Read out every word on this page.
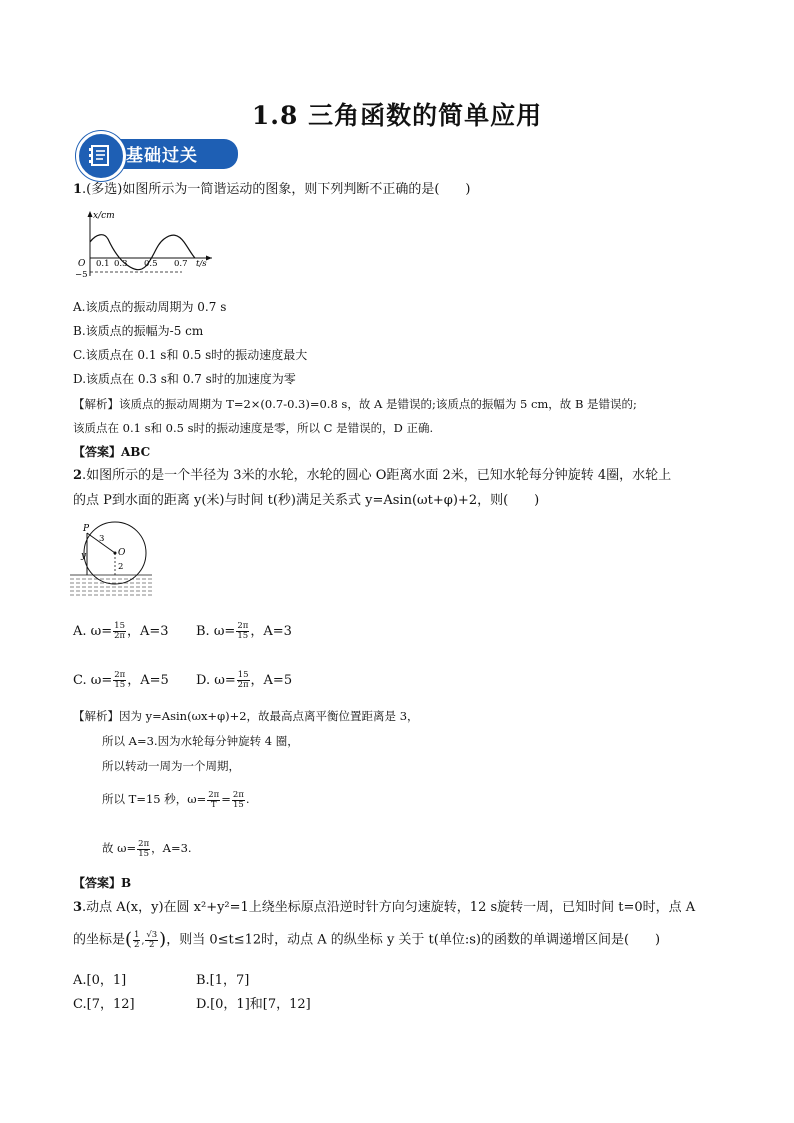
1.8 三角函数的简单应用
基础过关
1.(多选)如图所示为一简谐运动的图象，则下列判断不正确的是(　　)
x/cm
O
−5
0.1 0.3 0.5 0.7 t/s
A.该质点的振动周期为 0.7 s
B.该质点的振幅为-5 cm
C.该质点在 0.1 s和 0.5 s时的振动速度最大
D.该质点在 0.3 s和 0.7 s时的加速度为零
【解析】该质点的振动周期为 T=2×(0.7-0.3)=0.8 s，故 A 是错误的;该质点的振幅为 5 cm，故 B 是错误的;
该质点在 0.1 s和 0.5 s时的振动速度是零，所以 C 是错误的，D 正确.
【答案】ABC
2.如图所示的是一个半径为 3米的水轮，水轮的圆心 O距离水面 2米，已知水轮每分钟旋转 4圈，水轮上
的点 P到水面的距离 y(米)与时间 t(秒)满足关系式 y=Asin(ωt+φ)+2，则(　　)
P
y
3
O
2
A. $\omega= \frac{15}{2\pi}$ ，A=3 B. $\omega= \frac{2\pi}{15}$ ，A=3
C. $\omega= \frac{2\pi}{15}$ ，A=5 D. $\omega= \frac{15}{2\pi}$ ，A=5
【解析】因为 y=Asin(ωx+φ)+2，故最高点离平衡位置距离是 3，
所以 A=3.因为水轮每分钟旋转 4 圈，
所以转动一周为一个周期，
所以 T=15 秒，$\omega= \frac{2\pi}{T} = \frac{2\pi}{15}$ .
故 $\omega= \frac{2\pi}{15}$ ，A=3.
【答案】B
3.动点 A(x，y)在圆 x²+y²=1上绕坐标原点沿逆时针方向匀速旋转，12 s旋转一周，已知时间 t=0时，点 A
的坐标是( $\frac{1}{2}$ , $\frac{√3}{2}$ )，则当 0≤t≤12时，动点 A 的纵坐标 y 关于 t(单位:s)的函数的单调递增区间是(　　)
A.[0，1]	B.[1，7]
C.[7，12]	D.[0，1]和[7，12]
